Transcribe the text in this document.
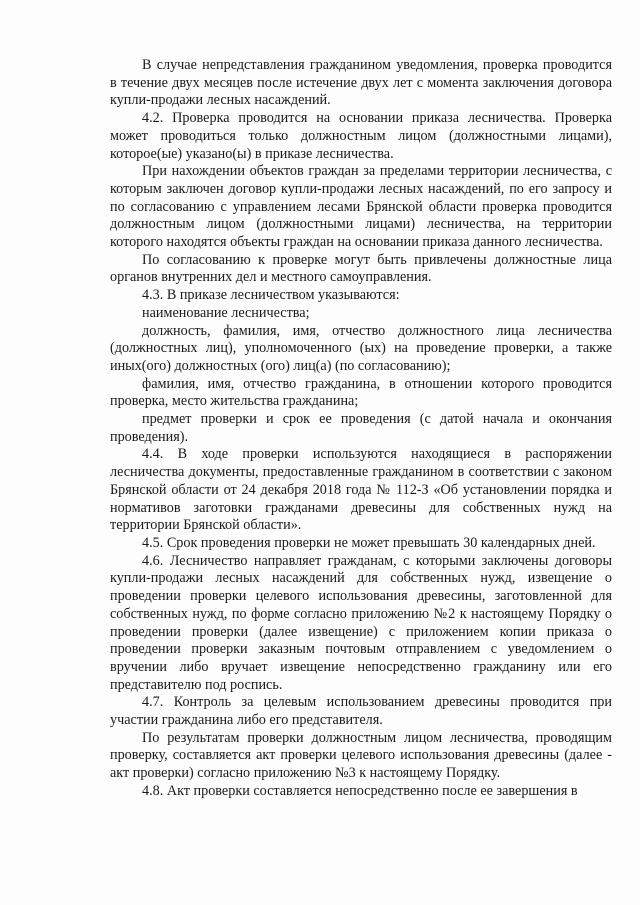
В случае непредставления гражданином уведомления, проверка проводится в течение двух месяцев после истечение двух лет с момента заключения договора купли-продажи лесных насаждений.

4.2. Проверка проводится на основании приказа лесничества. Проверка может проводиться только должностным лицом (должностными лицами), которое(ые) указано(ы) в приказе лесничества.

При нахождении объектов граждан за пределами территории лесничества, с которым заключен договор купли-продажи лесных насаждений, по его запросу и по согласованию с управлением лесами Брянской области проверка проводится должностным лицом (должностными лицами) лесничества, на территории которого находятся объекты граждан на основании приказа данного лесничества.

По согласованию к проверке могут быть привлечены должностные лица органов внутренних дел и местного самоуправления.

4.3. В приказе лесничеством указываются:

наименование лесничества;

должность, фамилия, имя, отчество должностного лица лесничества (должностных лиц), уполномоченного (ых) на проведение проверки, а также иных(ого) должностных (ого) лиц(а) (по согласованию);

фамилия, имя, отчество гражданина, в отношении которого проводится проверка, место жительства гражданина;

предмет проверки и срок ее проведения (с датой начала и окончания проведения).

4.4. В ходе проверки используются находящиеся в распоряжении лесничества документы, предоставленные гражданином в соответствии с законом Брянской области от 24 декабря 2018 года № 112-З «Об установлении порядка и нормативов заготовки гражданами древесины для собственных нужд на территории Брянской области».

4.5. Срок проведения проверки не может превышать 30 календарных дней.

4.6. Лесничество направляет гражданам, с которыми заключены договоры купли-продажи лесных насаждений для собственных нужд, извещение о проведении проверки целевого использования древесины, заготовленной для собственных нужд, по форме согласно приложению №2 к настоящему Порядку о проведении проверки (далее извещение) с приложением копии приказа о проведении проверки заказным почтовым отправлением с уведомлением о вручении либо вручает извещение непосредственно гражданину или его представителю под роспись.

4.7. Контроль за целевым использованием древесины проводится при участии гражданина либо его представителя.

По результатам проверки должностным лицом лесничества, проводящим проверку, составляется акт проверки целевого использования древесины (далее - акт проверки) согласно приложению №3 к настоящему Порядку.

4.8. Акт проверки составляется непосредственно после ее завершения в
